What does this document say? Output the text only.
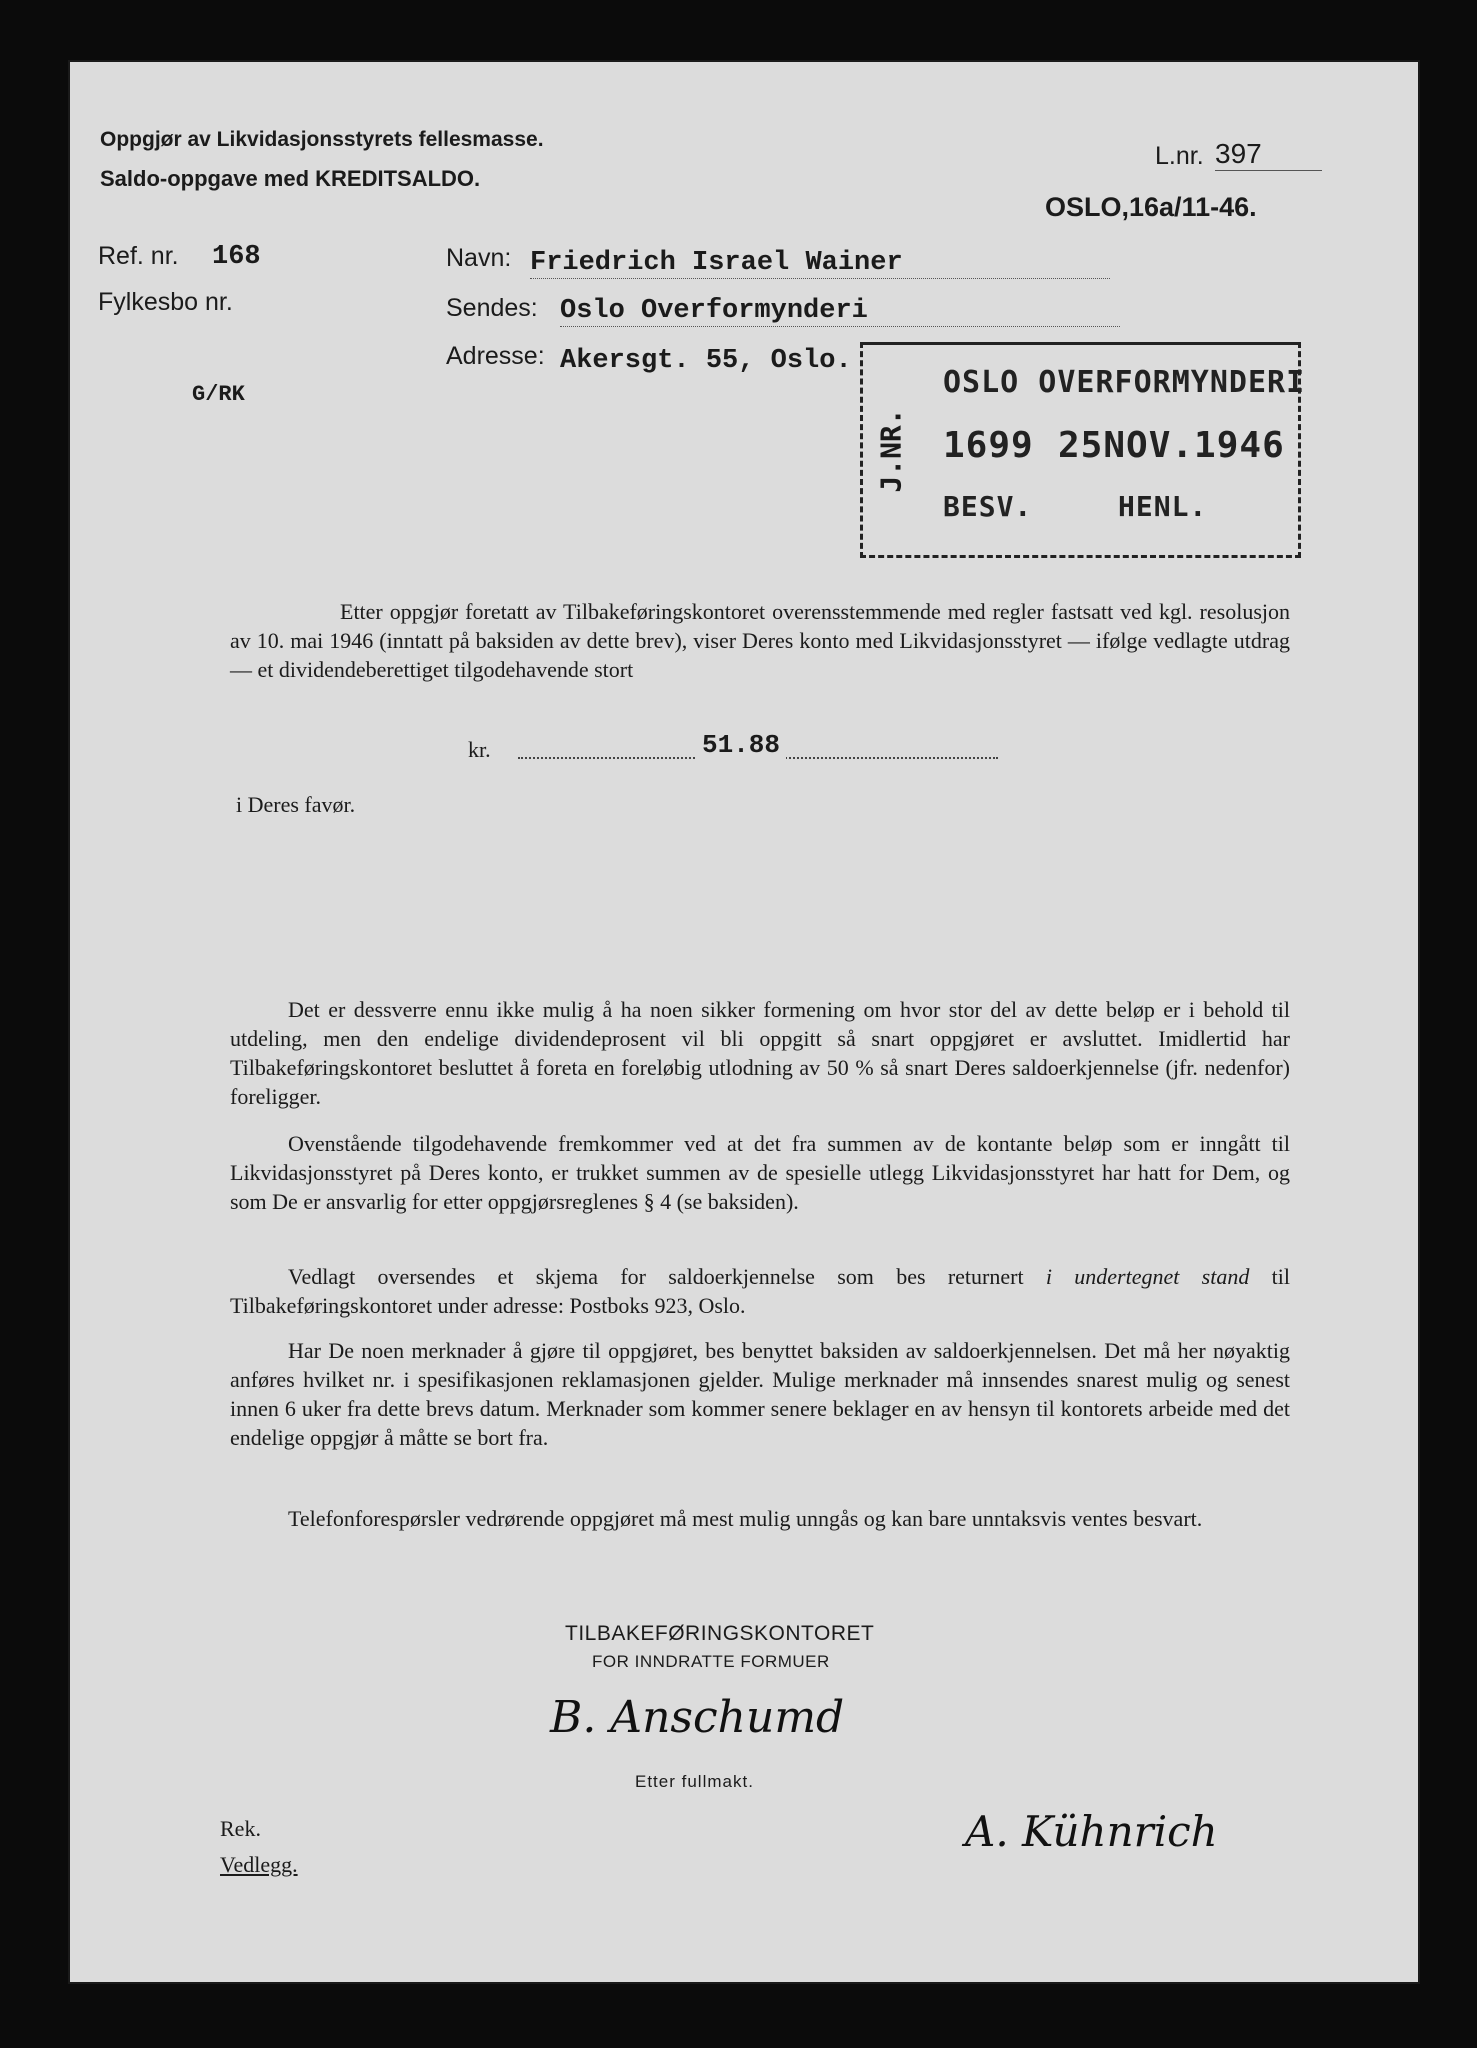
Oppgjør av Likvidasjonsstyrets fellesmasse.
Saldo-oppgave med KREDITSALDO.
L.nr. 397
OSLO,16a/11-46.
Ref. nr. 168
Fylkesbo nr.
G/RK
Navn: Friedrich Israel Wainer
Sendes: Oslo Overformynderi
Adresse: Akersgt. 55, Oslo.
J.NR.
OSLO OVERFORMYNDERI
1699 25NOV.1946
BESV.	HENL.
Etter oppgjør foretatt av Tilbakeføringskontoret overensstemmende med regler fastsatt ved kgl. resolusjon av 10. mai 1946 (inntatt på baksiden av dette brev), viser Deres konto med Likvidasjonsstyret — ifølge vedlagte utdrag — et dividendeberettiget tilgodehavende stort
kr.	51.88
i Deres favør.
Det er dessverre ennu ikke mulig å ha noen sikker formening om hvor stor del av dette beløp er i behold til utdeling, men den endelige dividendeprosent vil bli oppgitt så snart oppgjøret er avsluttet. Imidlertid har Tilbakeføringskontoret besluttet å foreta en foreløbig utlodning av 50 % så snart Deres saldoerkjennelse (jfr. nedenfor) foreligger.
Ovenstående tilgodehavende fremkommer ved at det fra summen av de kontante beløp som er inngått til Likvidasjonsstyret på Deres konto, er trukket summen av de spesielle utlegg Likvidasjonsstyret har hatt for Dem, og som De er ansvarlig for etter oppgjørsreglenes § 4 (se baksiden).
Vedlagt oversendes et skjema for saldoerkjennelse som bes returnert i undertegnet stand til Tilbakeføringskontoret under adresse: Postboks 923, Oslo.
Har De noen merknader å gjøre til oppgjøret, bes benyttet baksiden av saldoerkjennelsen. Det må her nøyaktig anføres hvilket nr. i spesifikasjonen reklamasjonen gjelder. Mulige merknader må innsendes snarest mulig og senest innen 6 uker fra dette brevs datum. Merknader som kommer senere beklager en av hensyn til kontorets arbeide med det endelige oppgjør å måtte se bort fra.
Telefonforespørsler vedrørende oppgjøret må mest mulig unngås og kan bare unntaksvis ventes besvart.
TILBAKEFØRINGSKONTORET
FOR INNDRATTE FORMUER
B. Anschumd
Etter fullmakt.
A. Kühnrich
Rek.
Vedlegg.
